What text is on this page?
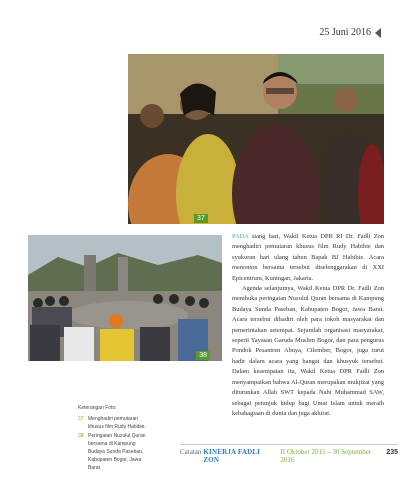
25 Juni 2016
37
38
Keterangan Foto:
37 Menghadiri pemutaran khusus film Rudy Habibie.
38 Peringatan Nuzulul Quran bersama di Kampung Budaya Sunda Paseban, Kabupaten Bogor, Jawa Barat.

PADA siang hari, Wakil Ketua DPR RI Dr. Fadli Zon menghadiri pemutaran khusus film Rudy Habibie dan syukuran hari ulang tahun Bapak BJ Habibie. Acara menonton bersama tersebut diselenggarakan di XXI Epicentrum, Kuningan, Jakarta.

Agenda selanjutnya, Wakil Ketua DPR Dr. Fadli Zon membuka peringatan Nuzulul Quran bersama di Kampung Budaya Sunda Paseban, Kabupaten Bogor, Jawa Barat. Acara tersebut dihadiri oleh para tokoh masyarakat dan pemerintahan setempat. Sejumlah organisasi masyarakat, seperti Yayasan Garuda Muslim Bogor, dan para pengurus Pondok Pesantren Abuya, Cilember, Bogor, juga turut hadir dalam acara yang hangat dan khusyuk tersebut. Dalam kesempatan itu, Wakil Ketua DPR Fadli Zon menyampaikan bahwa Al-Quran merupakan mukjizat yang diturunkan Allah SWT kepada Nabi Muhammad SAW, sebagai petunjuk hidup bagi Umat Islam untuk meraih kebahagiaan di dunia dan juga akhirat.

Catatan KINERJA FADLI ZON
II Oktober 2015 – 30 September 2016
235
